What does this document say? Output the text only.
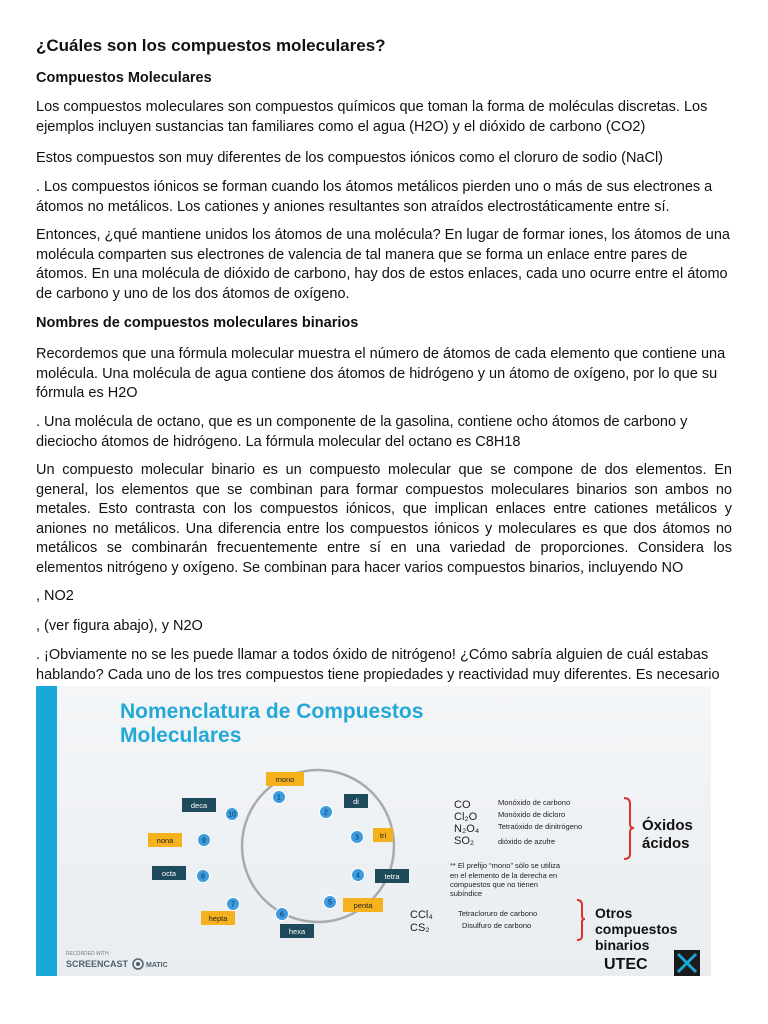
¿Cuáles son los compuestos moleculares?

Compuestos Moleculares

Los compuestos moleculares son compuestos químicos que toman la forma de moléculas discretas. Los ejemplos incluyen sustancias tan familiares como el agua (H2O) y el dióxido de carbono (CO2)

Estos compuestos son muy diferentes de los compuestos iónicos como el cloruro de sodio (NaCl)

. Los compuestos iónicos se forman cuando los átomos metálicos pierden uno o más de sus electrones a átomos no metálicos. Los cationes y aniones resultantes son atraídos electrostáticamente entre sí.

Entonces, ¿qué mantiene unidos los átomos de una molécula? En lugar de formar iones, los átomos de una molécula comparten sus electrones de valencia de tal manera que se forma un enlace entre pares de átomos. En una molécula de dióxido de carbono, hay dos de estos enlaces, cada uno ocurre entre el átomo de carbono y uno de los dos átomos de oxígeno.

Nombres de compuestos moleculares binarios

Recordemos que una fórmula molecular muestra el número de átomos de cada elemento que contiene una molécula. Una molécula de agua contiene dos átomos de hidrógeno y un átomo de oxígeno, por lo que su fórmula es H2O

. Una molécula de octano, que es un componente de la gasolina, contiene ocho átomos de carbono y dieciocho átomos de hidrógeno. La fórmula molecular del octano es C8H18

Un compuesto molecular binario es un compuesto molecular que se compone de dos elementos. En general, los elementos que se combinan para formar compuestos moleculares binarios son ambos no metales. Esto contrasta con los compuestos iónicos, que implican enlaces entre cationes metálicos y aniones no metálicos. Una diferencia entre los compuestos iónicos y moleculares es que dos átomos no metálicos se combinarán frecuentemente entre sí en una variedad de proporciones. Considera los elementos nitrógeno y oxígeno. Se combinan para hacer varios compuestos binarios, incluyendo NO

, NO2

, (ver figura abajo), y N2O

. ¡Obviamente no se les puede llamar a todos óxido de nitrógeno! ¿Cómo sabría alguien de cuál estabas hablando? Cada uno de los tres compuestos tiene propiedades y reactividad muy diferentes. Es necesario

Nomenclatura de Compuestos Moleculares

mono
1	di
2
tri
3
tetra
4
penta
5
hexa
6
hepta
7
octa	8
nona	9
deca
10
CO	Monóxido de carbono
Cl₂O	Monóxido de dicloro
N₂O₄ Tetraóxido de dinitrógeno
SO₂	dióxido de azufre
Óxidos
ácidos
** El prefijo “mono” sólo se utiliza
en el elemento de la derecha en
compuestos que no tienen
subíndice
CCl₄	Tetracloruro de carbono
CS₂	Disulfuro de carbono
Otros
compuestos
binarios
RECORDED WITH
SCREENCAST	MATIC	UTEC
